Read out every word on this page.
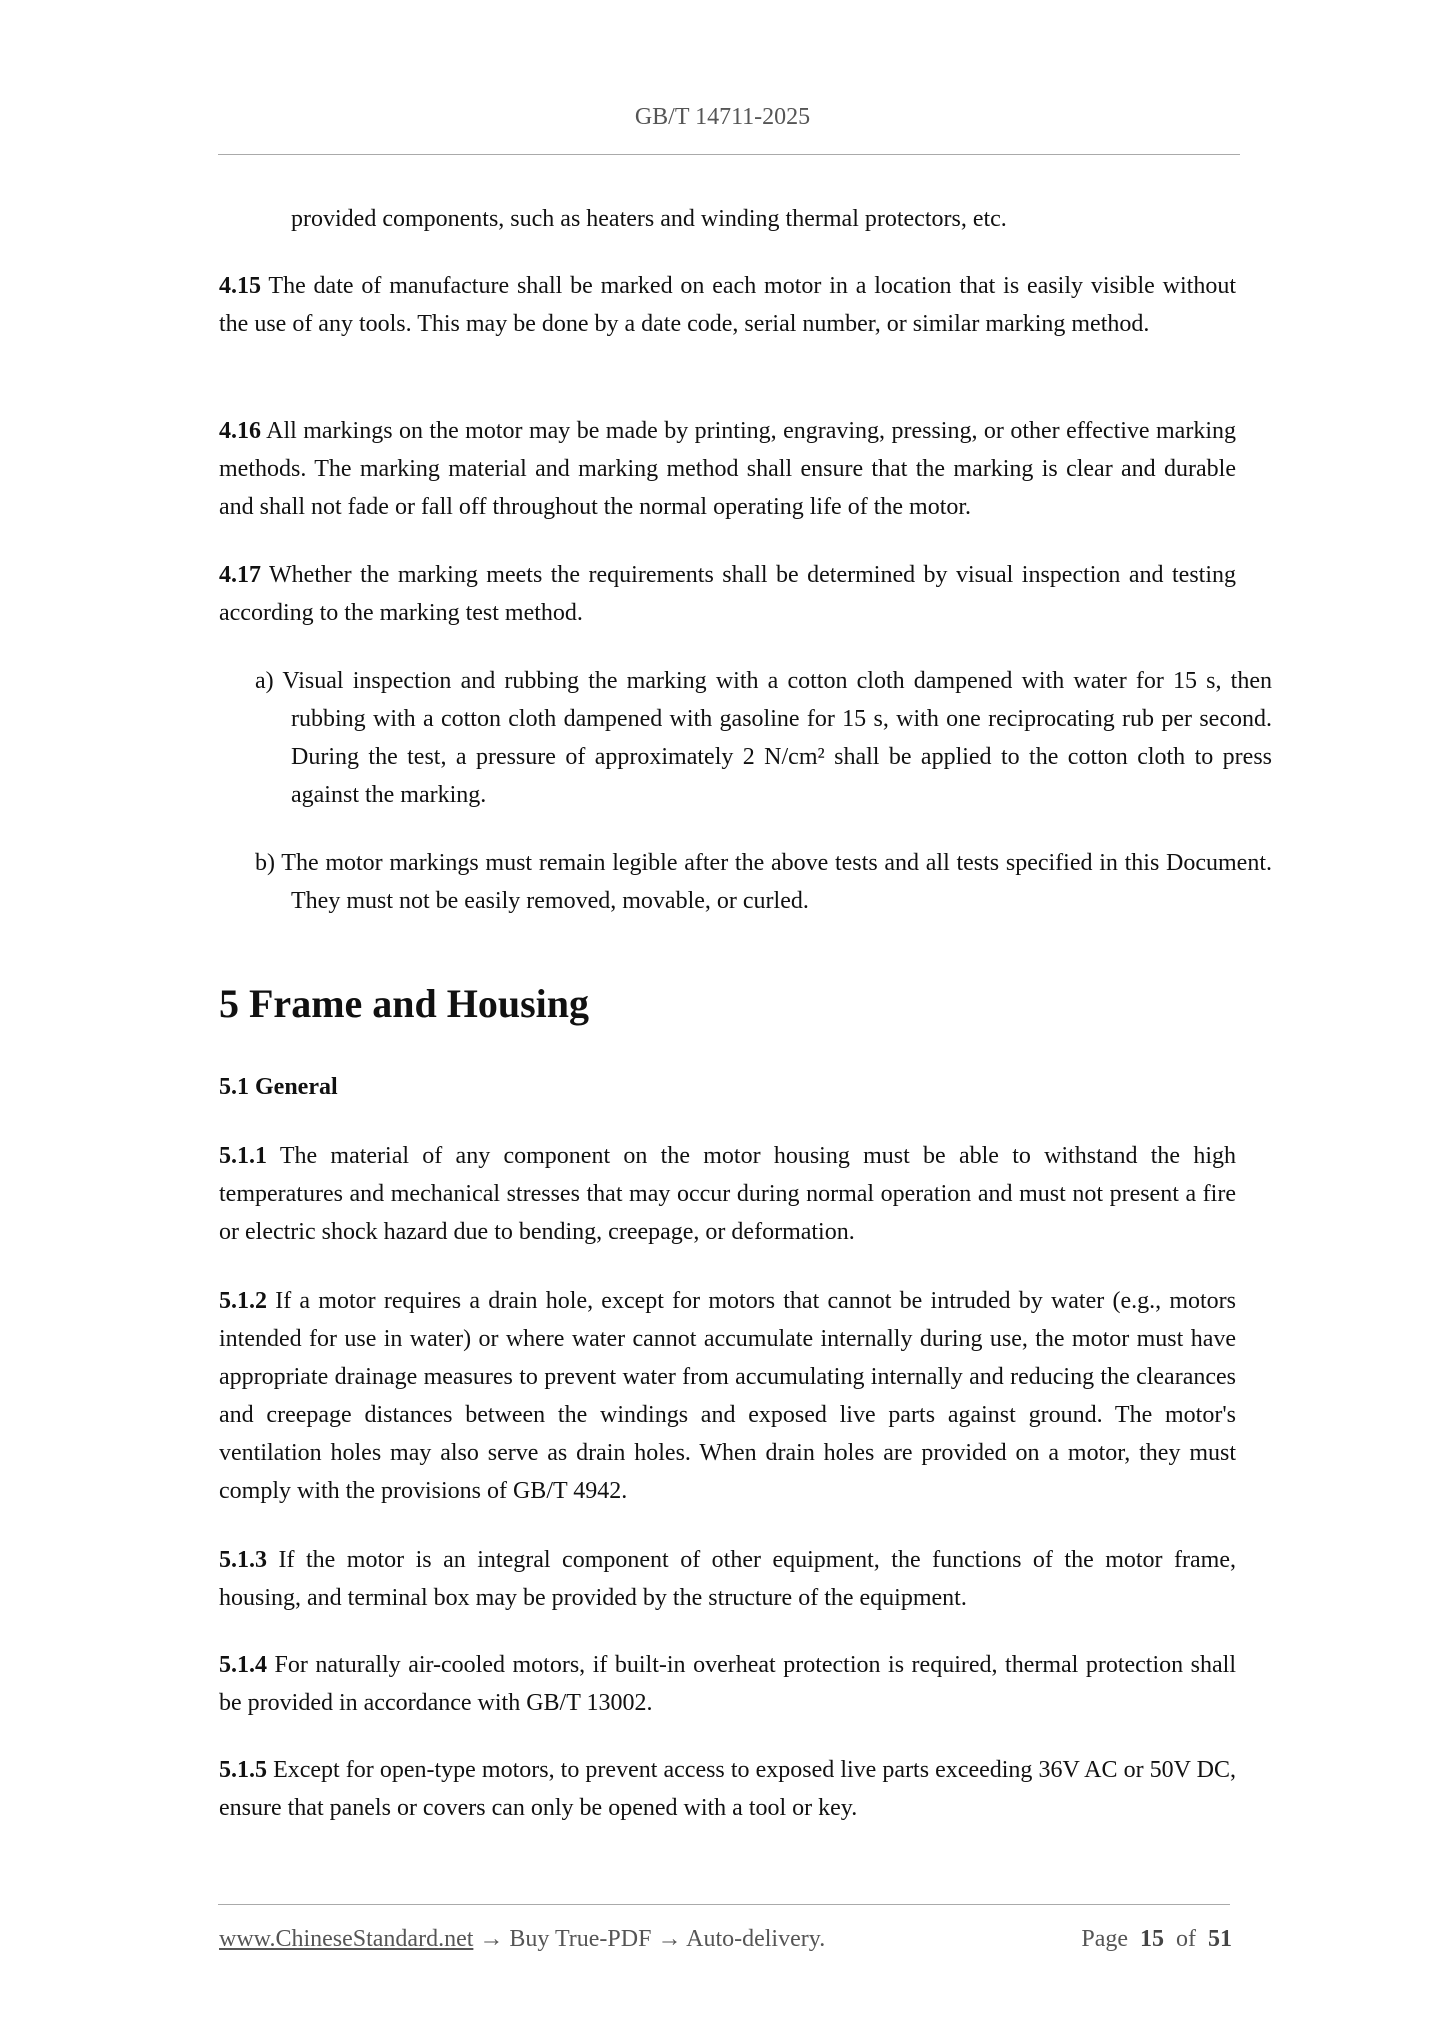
GB/T 14711-2025
provided components, such as heaters and winding thermal protectors, etc.
4.15 The date of manufacture shall be marked on each motor in a location that is easily visible without the use of any tools. This may be done by a date code, serial number, or similar marking method.
4.16 All markings on the motor may be made by printing, engraving, pressing, or other effective marking methods. The marking material and marking method shall ensure that the marking is clear and durable and shall not fade or fall off throughout the normal operating life of the motor.
4.17 Whether the marking meets the requirements shall be determined by visual inspection and testing according to the marking test method.
a) Visual inspection and rubbing the marking with a cotton cloth dampened with water for 15 s, then rubbing with a cotton cloth dampened with gasoline for 15 s, with one reciprocating rub per second. During the test, a pressure of approximately 2 N/cm² shall be applied to the cotton cloth to press against the marking.
b) The motor markings must remain legible after the above tests and all tests specified in this Document. They must not be easily removed, movable, or curled.
5 Frame and Housing
5.1 General
5.1.1 The material of any component on the motor housing must be able to withstand the high temperatures and mechanical stresses that may occur during normal operation and must not present a fire or electric shock hazard due to bending, creepage, or deformation.
5.1.2 If a motor requires a drain hole, except for motors that cannot be intruded by water (e.g., motors intended for use in water) or where water cannot accumulate internally during use, the motor must have appropriate drainage measures to prevent water from accumulating internally and reducing the clearances and creepage distances between the windings and exposed live parts against ground. The motor's ventilation holes may also serve as drain holes. When drain holes are provided on a motor, they must comply with the provisions of GB/T 4942.
5.1.3 If the motor is an integral component of other equipment, the functions of the motor frame, housing, and terminal box may be provided by the structure of the equipment.
5.1.4 For naturally air-cooled motors, if built-in overheat protection is required, thermal protection shall be provided in accordance with GB/T 13002.
5.1.5 Except for open-type motors, to prevent access to exposed live parts exceeding 36V AC or 50V DC, ensure that panels or covers can only be opened with a tool or key.
www.ChineseStandard.net → Buy True-PDF → Auto-delivery.	Page 15 of 51
